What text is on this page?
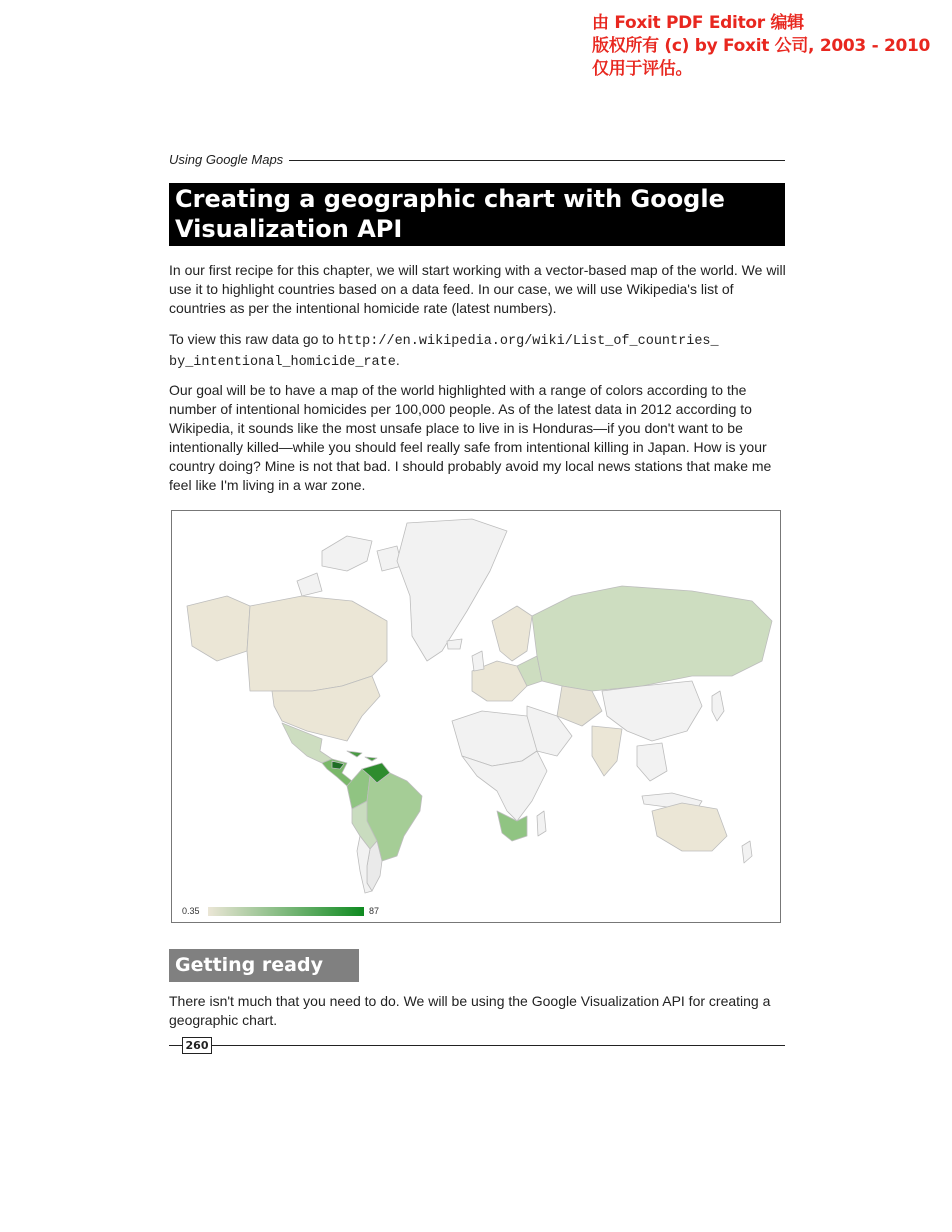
由 Foxit PDF Editor 编辑
版权所有 (c) by Foxit 公司, 2003 - 2010
仅用于评估。
Using Google Maps
Creating a geographic chart with Google Visualization API

In our first recipe for this chapter, we will start working with a vector-based map of the world. We will use it to highlight countries based on a data feed. In our case, we will use Wikipedia's list of countries as per the intentional homicide rate (latest numbers).

To view this raw data go to http://en.wikipedia.org/wiki/List_of_countries_
by_intentional_homicide_rate.

Our goal will be to have a map of the world highlighted with a range of colors according to the number of intentional homicides per 100,000 people. As of the latest data in 2012 according to Wikipedia, it sounds like the most unsafe place to live in is Honduras—if you don't want to be intentionally killed—while you should feel really safe from intentional killing in Japan. How is your country doing? Mine is not that bad. I should probably avoid my local news stations that make me feel like I'm living in a war zone.

0.35	87
Getting ready

There isn't much that you need to do. We will be using the Google Visualization API for creating a geographic chart.

260
